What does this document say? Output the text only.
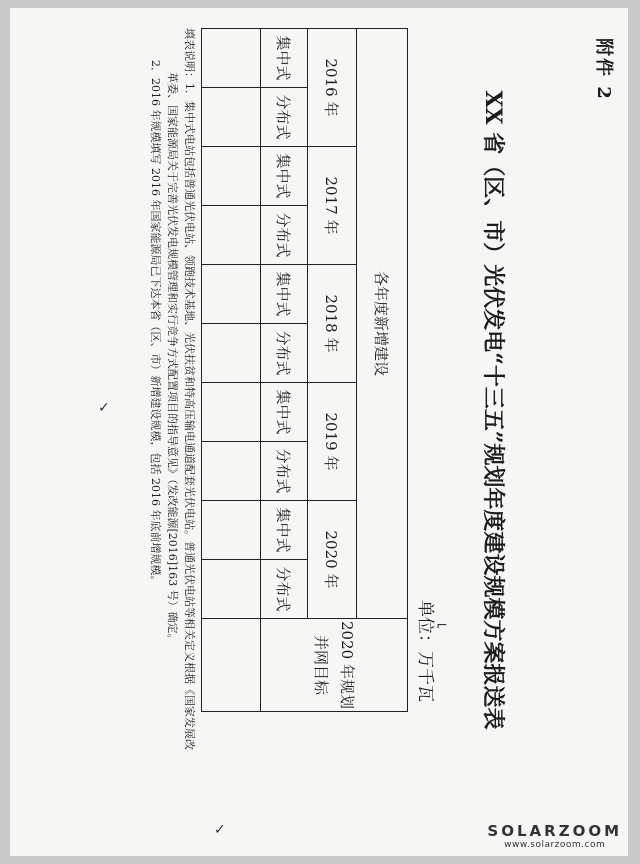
附件 2
XX 省（区、市）光伏发电“十三五”规划年度建设规模方案报送表
单位：万千瓦
各年度新增建设										2020 年规划并网目标
2016 年		2017 年		2018 年		2019 年		2020 年		
集中式	分布式	集中式	分布式	集中式	分布式	集中式	分布式	集中式	分布式	

填表说明：1．集中式电站包括普通光伏电站、领跑技术基地、光伏扶贫和特高压输电通道配套光伏电站。普通光伏电站等相关定义根据《国家发展改
革委、国家能源局关于完善光伏发电规模管理和实行竞争方式配置项目的指导意见》（发改能源[2016]163 号）确定。
2．2016 年规模填写 2016 年国家能源局已下达本省（区、市）新增建设规模，包括 2016 年底前增规模。
✓
⌐
✓	SOLARZOOM
www.solarzoom.com
